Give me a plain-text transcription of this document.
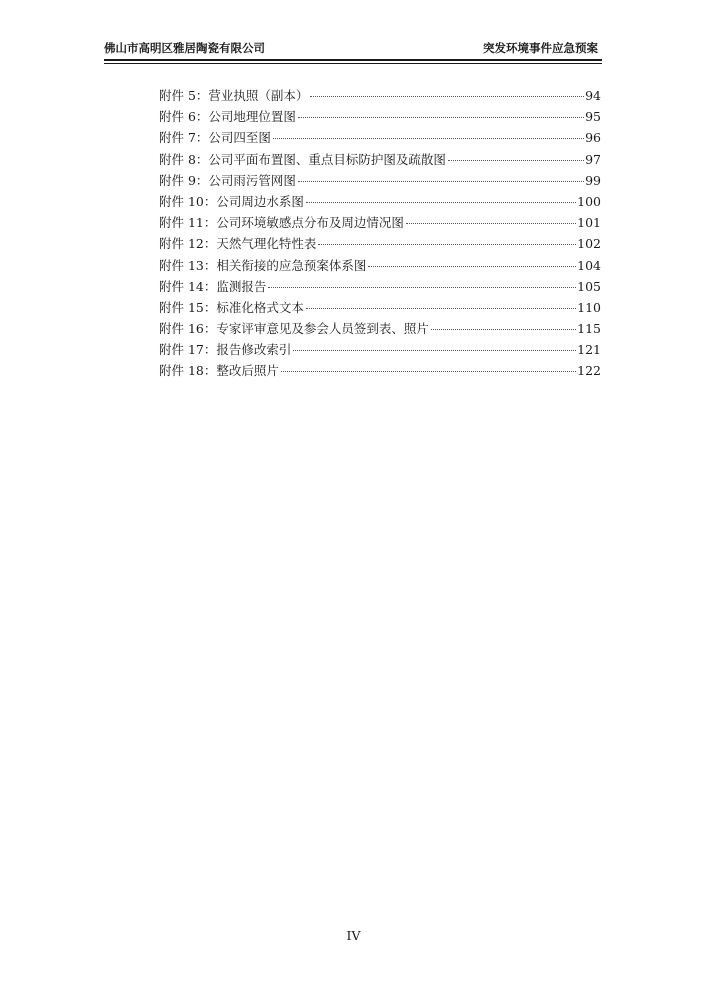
佛山市高明区雅居陶瓷有限公司	突发环境事件应急预案
附件 5：营业执照（副本）	94
附件 6：公司地理位置图	95
附件 7：公司四至图	96
附件 8：公司平面布置图、重点目标防护图及疏散图	97
附件 9：公司雨污管网图	99
附件 10：公司周边水系图	100
附件 11：公司环境敏感点分布及周边情况图	101
附件 12：天然气理化特性表	102
附件 13：相关衔接的应急预案体系图	104
附件 14：监测报告	105
附件 15：标准化格式文本	110
附件 16：专家评审意见及参会人员签到表、照片	115
附件 17：报告修改索引	121
附件 18：整改后照片	122
IV
